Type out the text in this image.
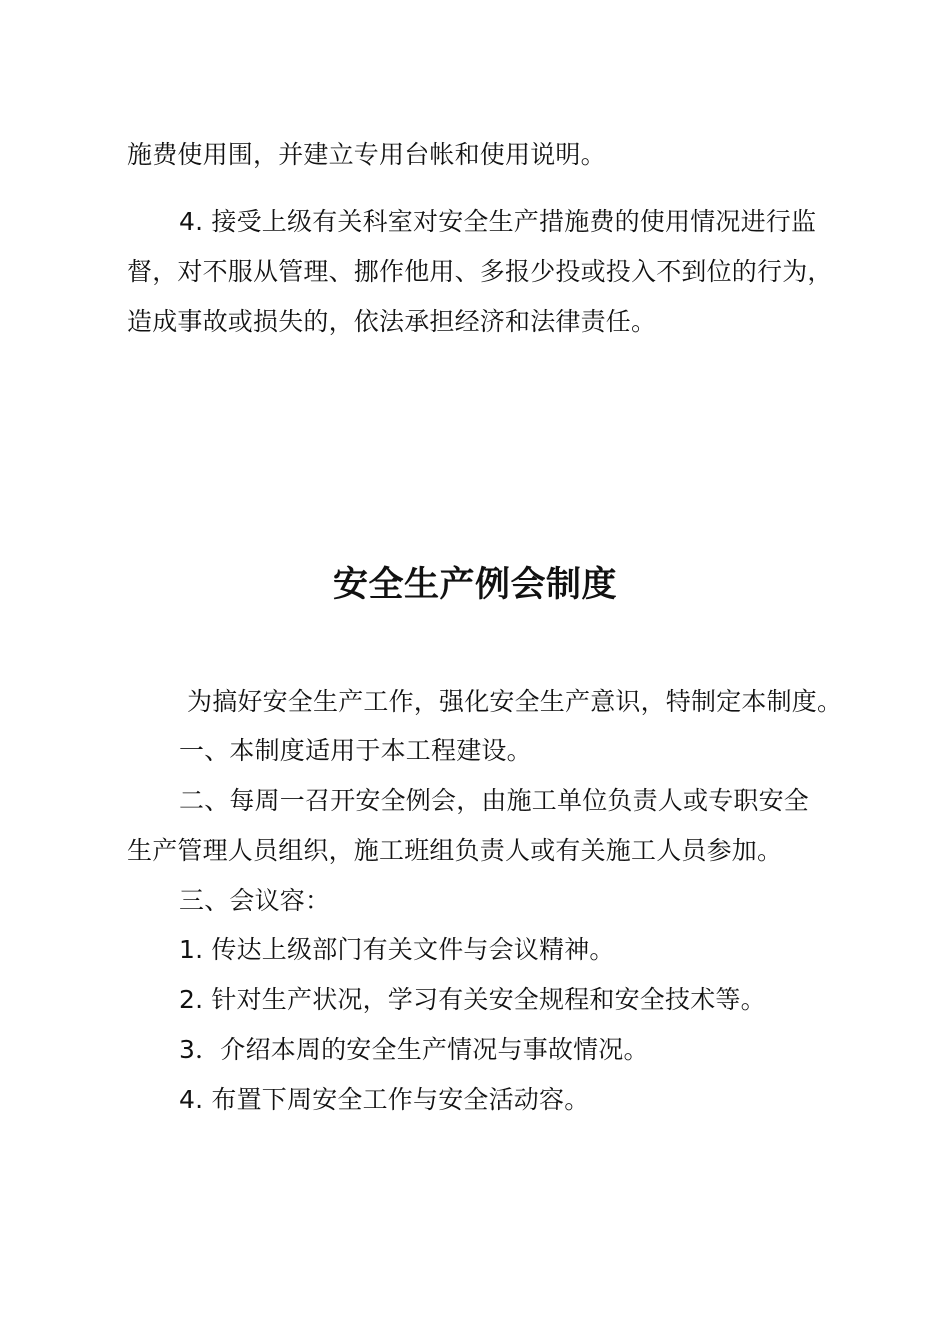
施费使用围，并建立专用台帐和使用说明。

4. 接受上级有关科室对安全生产措施费的使用情况进行监

督，对不服从管理、挪作他用、多报少投或投入不到位的行为，

造成事故或损失的，依法承担经济和法律责任。

安全生产例会制度

为搞好安全生产工作，强化安全生产意识，特制定本制度。

一、本制度适用于本工程建设。

二、每周一召开安全例会，由施工单位负责人或专职安全

生产管理人员组织，施工班组负责人或有关施工人员参加。

三、会议容：

1. 传达上级部门有关文件与会议精神。

2. 针对生产状况，学习有关安全规程和安全技术等。

3．介绍本周的安全生产情况与事故情况。

4. 布置下周安全工作与安全活动容。
